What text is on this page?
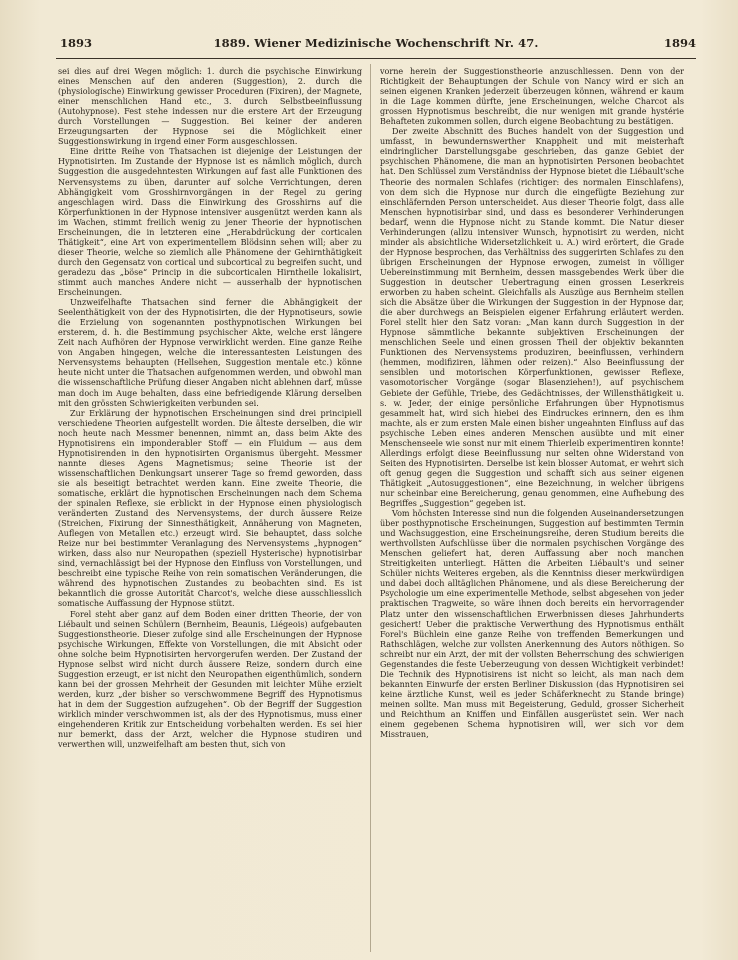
1893	1889. Wiener Medizinische Wochenschrift Nr. 47.	1894

sei dies auf drei Wegen möglich: 1. durch die psychische Einwirkung eines Menschen auf den anderen (Suggestion), 2. durch die (physiologische) Einwirkung gewisser Proceduren (Fixiren), der Magnete, einer menschlichen Hand etc., 3. durch Selbstbeeinflussung (Autohypnose). Fest stehe indessen nur die erstere Art der Erzeugung durch Vorstellungen — Suggestion. Bei keiner der anderen Erzeugungsarten der Hypnose sei die Möglichkeit einer Suggestionswirkung in irgend einer Form ausgeschlossen.

Eine dritte Reihe von Thatsachen ist diejenige der Leistungen der Hypnotisirten. Im Zustande der Hypnose ist es nämlich möglich, durch Suggestion die ausgedehntesten Wirkungen auf fast alle Funktionen des Nervensystems zu üben, darunter auf solche Verrichtungen, deren Abhängigkeit vom Grosshirnvorgängen in der Regel zu gering angeschlagen wird. Dass die Einwirkung des Grosshirns auf die Körperfunktionen in der Hypnose intensiver ausgenützt werden kann als im Wachen, stimmt freilich wenig zu jener Theorie der hypnotischen Erscheinungen, die in letzteren eine „Herabdrückung der corticalen Thätigkeit“, eine Art von experimentellem Blödsinn sehen will; aber zu dieser Theorie, welche so ziemlich alle Phänomene der Gehirnthätigkeit durch den Gegensatz von cortical und subcortical zu begreifen sucht, und geradezu das „böse“ Princip in die subcorticalen Hirntheile lokalisirt, stimmt auch manches Andere nicht — ausserhalb der hypnotischen Erscheinungen.

Unzweifelhafte Thatsachen sind ferner die Abhängigkeit der Seelenthätigkeit von der des Hypnotisirten, die der Hypnotiseurs, sowie die Erzielung von sogenannten posthypnotischen Wirkungen bei ersterem, d. h. die Bestimmung psychischer Akte, welche erst längere Zeit nach Aufhören der Hypnose verwirklicht werden. Eine ganze Reihe von Angaben hingegen, welche die interessantesten Leistungen des Nervensystems behaupten (Hellsehen, Suggestion mentale etc.) könne heute nicht unter die Thatsachen aufgenommen werden, und obwohl man die wissenschaftliche Prüfung dieser Angaben nicht ablehnen darf, müsse man doch im Auge behalten, dass eine befriedigende Klärung derselben mit den grössten Schwierigkeiten verbunden sei.

Zur Erklärung der hypnotischen Erscheinungen sind drei principiell verschiedene Theorien aufgestellt worden. Die älteste derselben, die wir noch heute nach Messmer benennen, nimmt an, dass beim Akte des Hypnotisirens ein imponderabler Stoff — ein Fluidum — aus dem Hypnotisirenden in den hypnotisirten Organismus übergeht. Messmer nannte dieses Agens Magnetismus; seine Theorie ist der wissenschaftlichen Denkungsart unserer Tage so fremd geworden, dass sie als beseitigt betrachtet werden kann. Eine zweite Theorie, die somatische, erklärt die hypnotischen Erscheinungen nach dem Schema der spinalen Reflexe, sie erblickt in der Hypnose einen physiologisch veränderten Zustand des Nervensystems, der durch äussere Reize (Streichen, Fixirung der Sinnesthätigkeit, Annäherung von Magneten, Auflegen von Metallen etc.) erzeugt wird. Sie behauptet, dass solche Reize nur bei bestimmter Veranlagung des Nervensystems „hypnogen“ wirken, dass also nur Neuropathen (speziell Hysterische) hypnotisirbar sind, vernachlässigt bei der Hypnose den Einfluss von Vorstellungen, und beschreibt eine typische Reihe von rein somatischen Veränderungen, die während des hypnotischen Zustandes zu beobachten sind. Es ist bekanntlich die grosse Autorität Charcot's, welche diese ausschliesslich somatische Auffassung der Hypnose stützt.

Forel steht aber ganz auf dem Boden einer dritten Theorie, der von Liébault und seinen Schülern (Bernheim, Beaunis, Liégeois) aufgebauten Suggestionstheorie. Dieser zufolge sind alle Erscheinungen der Hypnose psychische Wirkungen, Effekte von Vorstellungen, die mit Absicht oder ohne solche beim Hypnotisirten hervorgerufen werden. Der Zustand der Hypnose selbst wird nicht durch äussere Reize, sondern durch eine Suggestion erzeugt, er ist nicht den Neuropathen eigenthümlich, sondern kann bei der grossen Mehrheit der Gesunden mit leichter Mühe erzielt werden, kurz „der bisher so verschwommene Begriff des Hypnotismus hat in dem der Suggestion aufzugehen“. Ob der Begriff der Suggestion wirklich minder verschwommen ist, als der des Hypnotismus, muss einer eingehenderen Kritik zur Entscheidung vorbehalten werden. Es sei hier nur bemerkt, dass der Arzt, welcher die Hypnose studiren und verwerthen will, unzweifelhaft am besten thut, sich von

vorne herein der Suggestionstheorie anzuschliessen. Denn von der Richtigkeit der Behauptungen der Schule von Nancy wird er sich an seinen eigenen Kranken jederzeit überzeugen können, während er kaum in die Lage kommen dürfte, jene Erscheinungen, welche Charcot als grossen Hypnotismus beschreibt, die nur wenigen mit grande hystérie Behafteten zukommen sollen, durch eigene Beobachtung zu bestätigen.

Der zweite Abschnitt des Buches handelt von der Suggestion und umfasst, in bewundernswerther Knappheit und mit meisterhaft eindringlicher Darstellungsgabe geschrieben, das ganze Gebiet der psychischen Phänomene, die man an hypnotisirten Personen beobachtet hat. Den Schlüssel zum Verständniss der Hypnose bietet die Liébault'sche Theorie des normalen Schlafes (richtiger: des normalen Einschlafens), von dem sich die Hypnose nur durch die eingefügte Beziehung zur einschläfernden Person unterscheidet. Aus dieser Theorie folgt, dass alle Menschen hypnotisirbar sind, und dass es besonderer Verhinderungen bedarf, wenn die Hypnose nicht zu Stande kommt. Die Natur dieser Verhinderungen (allzu intensiver Wunsch, hypnotisirt zu werden, nicht minder als absichtliche Widersetzlichkeit u. A.) wird erörtert, die Grade der Hypnose besprochen, das Verhältniss des suggerirten Schlafes zu den übrigen Erscheinungen der Hypnose erwogen, zumeist in völliger Uebereinstimmung mit Bernheim, dessen massgebendes Werk über die Suggestion in deutscher Uebertragung einen grossen Leserkreis erworben zu haben scheint. Gleichfalls als Auszüge aus Bernheim stellen sich die Absätze über die Wirkungen der Suggestion in der Hypnose dar, die aber durchwegs an Beispielen eigener Erfahrung erläutert werden. Forel stellt hier den Satz voran: „Man kann durch Suggestion in der Hypnose sämmtliche bekannte subjektiven Erscheinungen der menschlichen Seele und einen grossen Theil der objektiv bekannten Funktionen des Nervensystems produziren, beeinflussen, verhindern (hemmen, modifiziren, lähmen oder reizen).“ Also Beeinflussung der sensiblen und motorischen Körperfunktionen, gewisser Reflexe, vasomotorischer Vorgänge (sogar Blasenziehen!), auf psychischem Gebiete der Gefühle, Triebe, des Gedächtnisses, der Willensthätigkeit u. s. w. Jeder, der einige persönliche Erfahrungen über Hypnotismus gesammelt hat, wird sich hiebei des Eindruckes erinnern, den es ihm machte, als er zum ersten Male einen bisher ungeahnten Einfluss auf das psychische Leben eines anderen Menschen ausübte und mit einer Menschenseele wie sonst nur mit einem Thierleib experimentiren konnte! Allerdings erfolgt diese Beeinflussung nur selten ohne Widerstand von Seiten des Hypnotisirten. Derselbe ist kein blosser Automat, er wehrt sich oft genug gegen die Suggestion und schafft sich aus seiner eigenen Thätigkeit „Autosuggestionen“, eine Bezeichnung, in welcher übrigens nur scheinbar eine Bereicherung, genau genommen, eine Aufhebung des Begriffes „Suggestion“ gegeben ist.

Vom höchsten Interesse sind nun die folgenden Auseinandersetzungen über posthypnotische Erscheinungen, Suggestion auf bestimmten Termin und Wachsuggestion, eine Erscheinungsreihe, deren Studium bereits die werthvollsten Aufschlüsse über die normalen psychischen Vorgänge des Menschen geliefert hat, deren Auffassung aber noch manchen Streitigkeiten unterliegt. Hätten die Arbeiten Liébault's und seiner Schüler nichts Weiteres ergeben, als die Kenntniss dieser merkwürdigen und dabei doch alltäglichen Phänomene, und als diese Bereicherung der Psychologie um eine experimentelle Methode, selbst abgesehen von jeder praktischen Tragweite, so wäre ihnen doch bereits ein hervorragender Platz unter den wissenschaftlichen Erwerbnissen dieses Jahrhunderts gesichert! Ueber die praktische Verwerthung des Hypnotismus enthält Forel's Büchlein eine ganze Reihe von treffenden Bemerkungen und Rathschlägen, welche zur vollsten Anerkennung des Autors nöthigen. So schreibt nur ein Arzt, der mit der vollsten Beherrschung des schwierigen Gegenstandes die feste Ueberzeugung von dessen Wichtigkeit verbindet! Die Technik des Hypnotisirens ist nicht so leicht, als man nach dem bekannten Einwurfe der ersten Berliner Diskussion (das Hypnotisiren sei keine ärztliche Kunst, weil es jeder Schäferknecht zu Stande bringe) meinen sollte. Man muss mit Begeisterung, Geduld, grosser Sicherheit und Reichthum an Kniffen und Einfällen ausgerüstet sein. Wer nach einem gegebenen Schema hypnotisiren will, wer sich vor dem Misstrauen,
